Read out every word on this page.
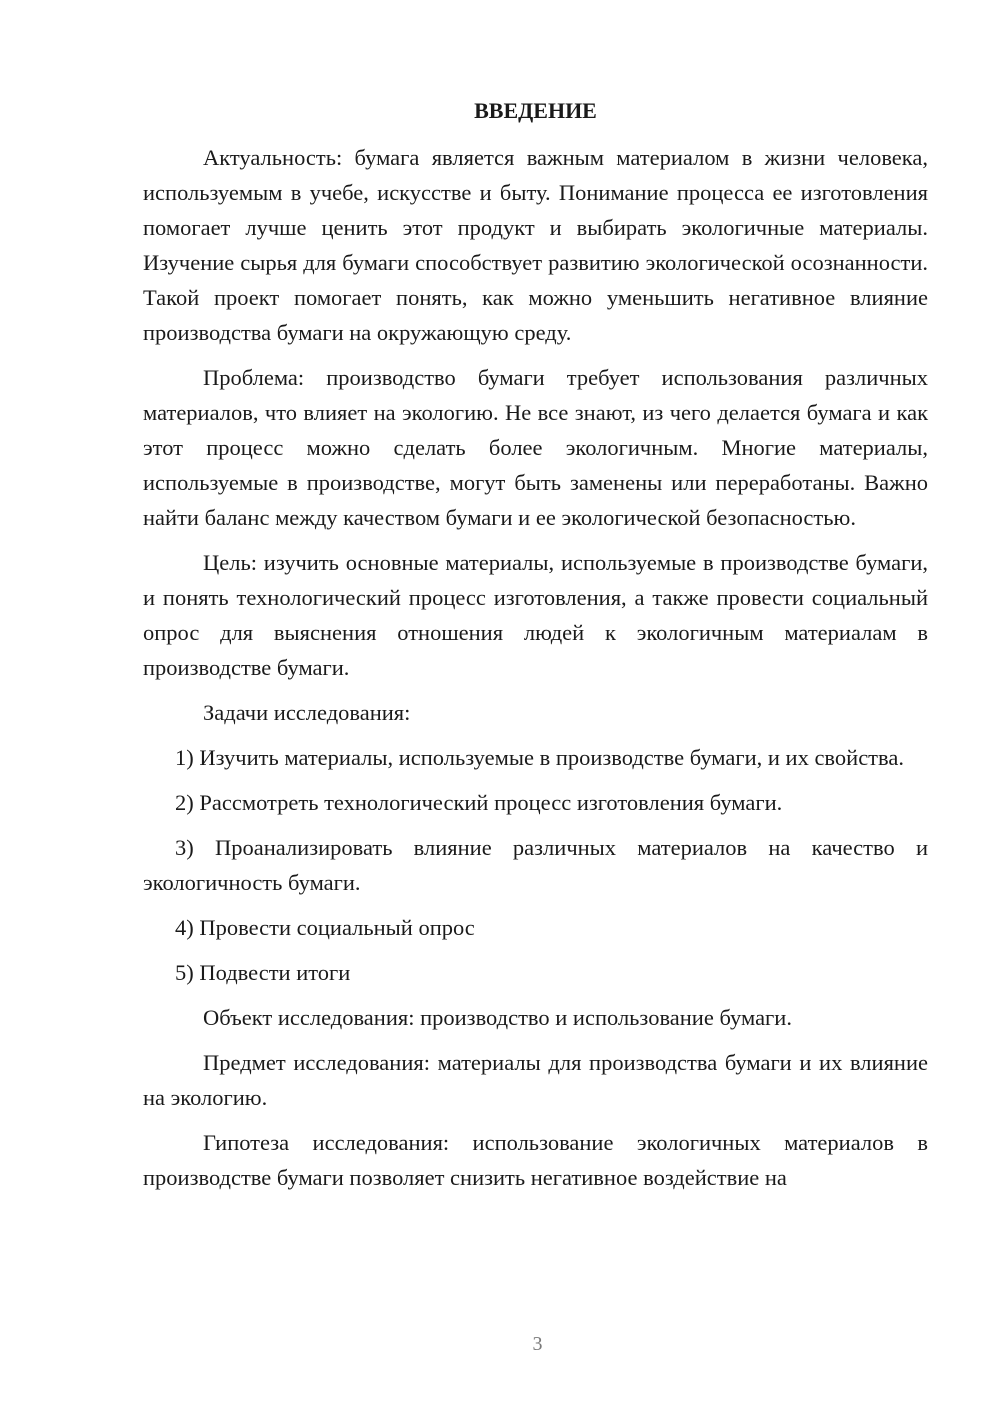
ВВЕДЕНИЕ

Актуальность: бумага является важным материалом в жизни человека, используемым в учебе, искусстве и быту. Понимание процесса ее изготовления помогает лучше ценить этот продукт и выбирать экологичные материалы. Изучение сырья для бумаги способствует развитию экологической осознанности. Такой проект помогает понять, как можно уменьшить негативное влияние производства бумаги на окружающую среду.

Проблема: производство бумаги требует использования различных материалов, что влияет на экологию. Не все знают, из чего делается бумага и как этот процесс можно сделать более экологичным. Многие материалы, используемые в производстве, могут быть заменены или переработаны. Важно найти баланс между качеством бумаги и ее экологической безопасностью.

Цель: изучить основные материалы, используемые в производстве бумаги, и понять технологический процесс изготовления, а также провести социальный опрос для выяснения отношения людей к экологичным материалам в производстве бумаги.

Задачи исследования:

1) Изучить материалы, используемые в производстве бумаги, и их свойства.

2) Рассмотреть технологический процесс изготовления бумаги.

3) Проанализировать влияние различных материалов на качество и экологичность бумаги.

4) Провести социальный опрос

5) Подвести итоги

Объект исследования: производство и использование бумаги.

Предмет исследования: материалы для производства бумаги и их влияние на экологию.

Гипотеза исследования: использование экологичных материалов в производстве бумаги позволяет снизить негативное воздействие на

3
